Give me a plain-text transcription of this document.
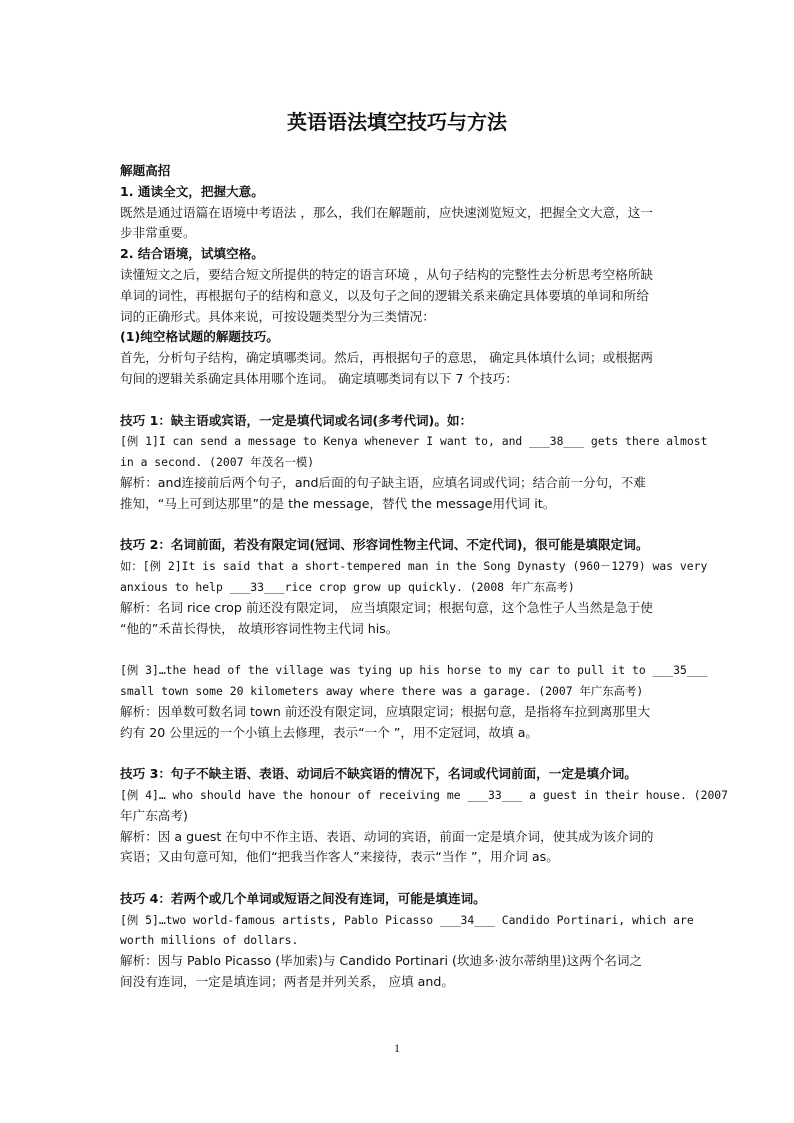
英语语法填空技巧与方法
解题高招
1. 通读全文，把握大意。
既然是通过语篇在语境中考语法 ，那么，我们在解题前，应快速浏览短文，把握全文大意，这一
步非常重要。
2. 结合语境，试填空格。
读懂短文之后，要结合短文所提供的特定的语言环境 ，从句子结构的完整性去分析思考空格所缺
单词的词性，再根据句子的结构和意义，以及句子之间的逻辑关系来确定具体要填的单词和所给
词的正确形式。具体来说，可按设题类型分为三类情况：
(1)纯空格试题的解题技巧。
首先，分析句子结构，确定填哪类词。然后，再根据句子的意思， 确定具体填什么词；或根据两
句间的逻辑关系确定具体用哪个连词。 确定填哪类词有以下 7 个技巧：
技巧 1：缺主语或宾语，一定是填代词或名词(多考代词)。如：
[例 1]I can send a message to Kenya whenever I want to, and ___38___ gets there almost
in a second. (2007 年茂名一模)
解析：and连接前后两个句子，and后面的句子缺主语，应填名词或代词；结合前一分句，不难
推知，“马上可到达那里”的是 the message，替代 the message用代词 it。
技巧 2：名词前面，若没有限定词(冠词、形容词性物主代词、不定代词)，很可能是填限定词。
如：[例 2]It is said that a short-tempered man in the Song Dynasty (960－1279) was very
anxious to help ___33___rice crop grow up quickly. (2008 年广东高考)
解析：名词 rice crop 前还没有限定词， 应当填限定词；根据句意，这个急性子人当然是急于使
“他的”禾苗长得快， 故填形容词性物主代词 his。
[例 3]…the head of the village was tying up his horse to my car to pull it to ___35___
small town some 20 kilometers away where there was a garage. (2007 年广东高考)
解析：因单数可数名词 town 前还没有限定词，应填限定词；根据句意，是指将车拉到离那里大
约有 20 公里远的一个小镇上去修理，表示“一个 ”，用不定冠词，故填 a。
技巧 3：句子不缺主语、表语、动词后不缺宾语的情况下，名词或代词前面，一定是填介词。
[例 4]… who should have the honour of receiving me ___33___ a guest in their house. (2007
年广东高考)
解析：因 a guest 在句中不作主语、表语、动词的宾语，前面一定是填介词，使其成为该介词的
宾语；又由句意可知，他们“把我当作客人”来接待，表示“当作 ”，用介词 as。
技巧 4：若两个或几个单词或短语之间没有连词，可能是填连词。
[例 5]…two world-famous artists, Pablo Picasso ___34___ Candido Portinari, which are
worth millions of dollars.
解析：因与 Pablo Picasso (毕加索)与 Candido Portinari (坎迪多·波尔蒂纳里)这两个名词之
间没有连词，一定是填连词；两者是并列关系， 应填 and。
1
